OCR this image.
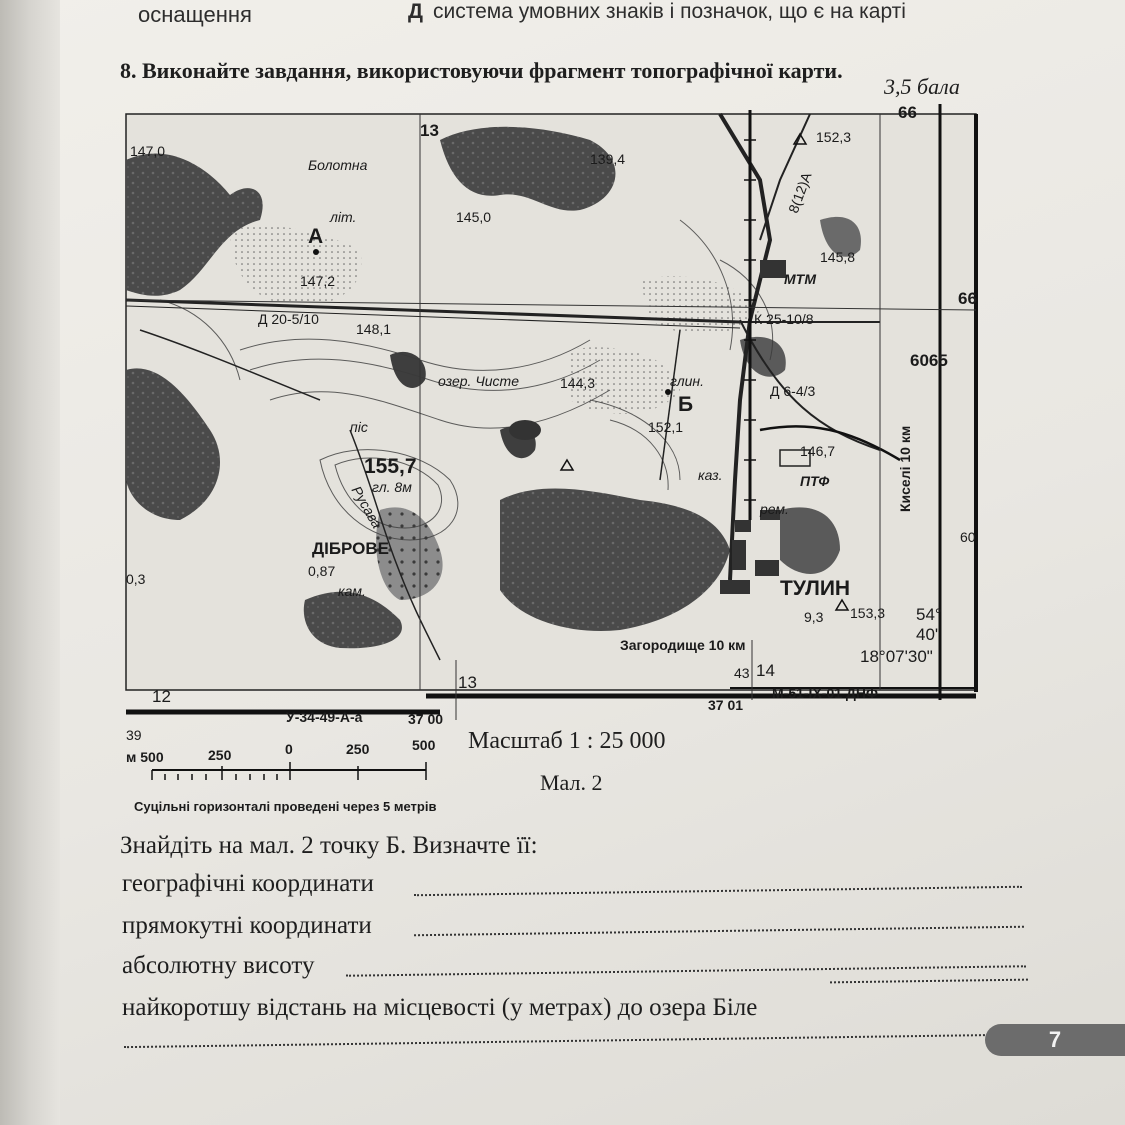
оснащення	Д система умовних знаків і позначок, що є на карті
8. Виконайте завдання, використовуючи фрагмент топографічної карти.
3,5 бала
А
Б
13
66
12
13
14
66
6065
60
У-34-49-А-а
М-51-ІХ-01 ДНФ
37 00
37 01
43
39
0,3
54°
40'
18°07'30"
Загородище 10 км
Киселі 10 км
147,0	139,4
145,0
152,3
145,8
147,2
148,1
144,3
152,1
155,7
146,7
153,3
Болотна
озер. Чисте
ТУЛИН
ДІБРОВЕ
Русава
МТМ
ПТФ
піс
глин.
каз.
кам.
рем.
літ.
гл. 8м
8(12)А
Д 20-5/10	К 25-10/8
Д 6-4/3
0,87
9,3
м 500	250	0	250	500
Суцільні горизонталі проведені через 5 метрів
Масштаб 1 : 25 000
Мал. 2
Знайдіть на мал. 2 точку Б. Визначте її:
географічні координати
прямокутні координати
абсолютну висоту
найкоротшу відстань на місцевості (у метрах) до озера Біле
7
